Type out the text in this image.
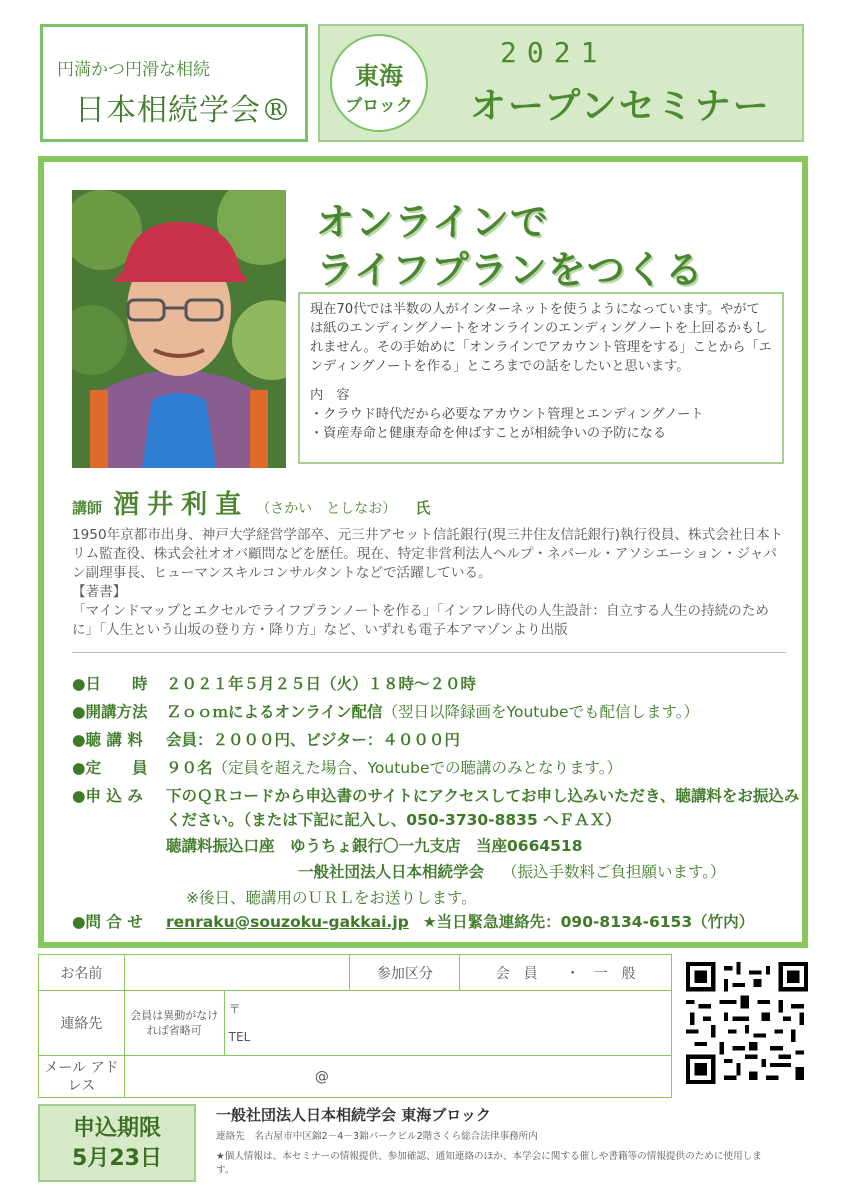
円満かつ円滑な相続
日本相続学会®
東海
ブロック
2021
オープンセミナー
オンラインで
ライフプランをつくる

現在70代では半数の人がインターネットを使うようになっています。やがては紙のエンディングノートをオンラインのエンディングノートを上回るかもしれません。その手始めに「オンラインでアカウント管理をする」ことから「エンディングノートを作る」ところまでの話をしたいと思います。

内　容

・クラウド時代だから必要なアカウント管理とエンディングノート

・資産寿命と健康寿命を伸ばすことが相続争いの予防になる

講師 酒井利直 （さかい　としなお） 氏

1950年京都市出身、神戸大学経営学部卒、元三井アセット信託銀行(現三井住友信託銀行)執行役員、株式会社日本トリム監査役、株式会社オオバ顧問などを歴任。現在、特定非営利法人ヘルプ・ネパール・アソシエーション・ジャパン副理事長、ヒューマンスキルコンサルタントなどで活躍している。

【著書】

「マインドマップとエクセルでライフプランノートを作る」「インフレ時代の人生設計：自立する人生の持続のために」「人生という山坂の登り方・降り方」など、いずれも電子本アマゾンより出版

●日　　時 ２０２１年５月２５日（火）１８時～２０時
●開講方法 Ｚｏｏｍによるオンライン配信（翌日以降録画をYoutubeでも配信します。）
●聴 講 料 会員：２０００円、ビジター：４０００円
●定　　員 ９０名（定員を超えた場合、Youtubeでの聴講のみとなります。）
●申 込 み 下のＱＲコードから申込書のサイトにアクセスしてお申し込みいただき、聴講料をお振込み
ください。（または下記に記入し、050-3730-8835 へＦＡＸ）
聴講料振込口座　ゆうちょ銀行〇一九支店　当座0664518
一般社団法人日本相続学会 （振込手数料ご負担願います。）
※後日、聴講用のＵＲＬをお送りします。
●問 合 せ renraku@souzoku-gakkai.jp ★当日緊急連絡先：090-8134-6153（竹内）
お名前			参加区分	会　員　　・　一　般
連絡先	会員は異動がなければ省略可	〒
TEL		

メール アドレス	@			
申込期限
5月23日
一般社団法人日本相続学会 東海ブロック
連絡先　名古屋市中区錦2－4－3錦パークビル2階さくら総合法律事務所内
★個人情報は、本セミナーの情報提供、参加確認、通知連絡のほか、本学会に関する催しや書籍等の情報提供のために使用します。
